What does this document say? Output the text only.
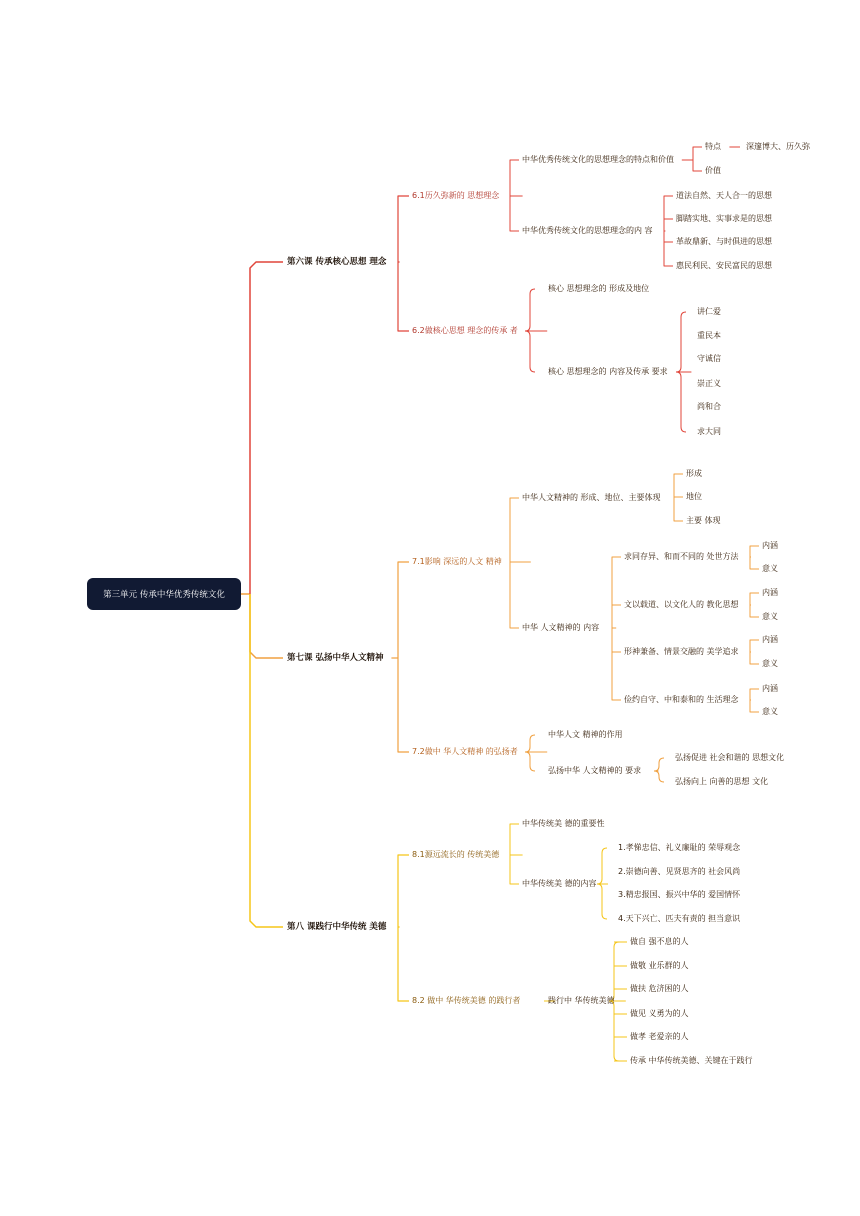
第三单元 传承中华优秀传统文化
第六课 传承核心思想 理念
6.1历久弥新的 思想理念
中华优秀传统文化的思想理念的特点和价值
特点	深邃博大、历久弥
价值
中华优秀传统文化的思想理念的内 容
道法自然、天人合一的思想
脚踏实地、实事求是的思想
革故鼎新、与时俱进的思想
惠民利民、安民富民的思想
6.2做核心思想 理念的传承 者
核心 思想理念的 形成及地位
核心 思想理念的 内容及传承 要求
讲仁爱
重民本
守诚信
崇正义
尚和合
求大同
第七课 弘扬中华人文精神
7.1影响 深远的人文 精神
中华人文精神的 形成、地位、主要体现
形成
地位
主要 体现
中华 人文精神的 内容
求同存异、和而不同的 处世方法
内涵
意义
文以载道、以文化人的 教化思想
内涵
意义
形神兼备、情景交融的 美学追求
内涵
意义
俭约自守、中和泰和的 生活理念
内涵
意义
7.2做中 华人文精神 的弘扬者
中华人文 精神的作用
弘扬中华 人文精神的 要求
弘扬促进 社会和谐的 思想文化
弘扬向上 向善的思想 文化
第八 课践行中华传统 美德
8.1源远流长的 传统美德
中华传统美 德的重要性
中华传统美 德的内容
1.孝悌忠信、礼义廉耻的 荣辱观念
2.崇德向善、见贤思齐的 社会风尚
3.精忠报国、振兴中华的 爱国情怀
4.天下兴亡、匹夫有责的 担当意识
8.2 做中 华传统美德 的践行者	践行中 华传统美德
做自 强不息的人
做敬 业乐群的人
做扶 危济困的人
做见 义勇为的人
做孝 老爱亲的人
传承 中华传统美德、关键在于践行
